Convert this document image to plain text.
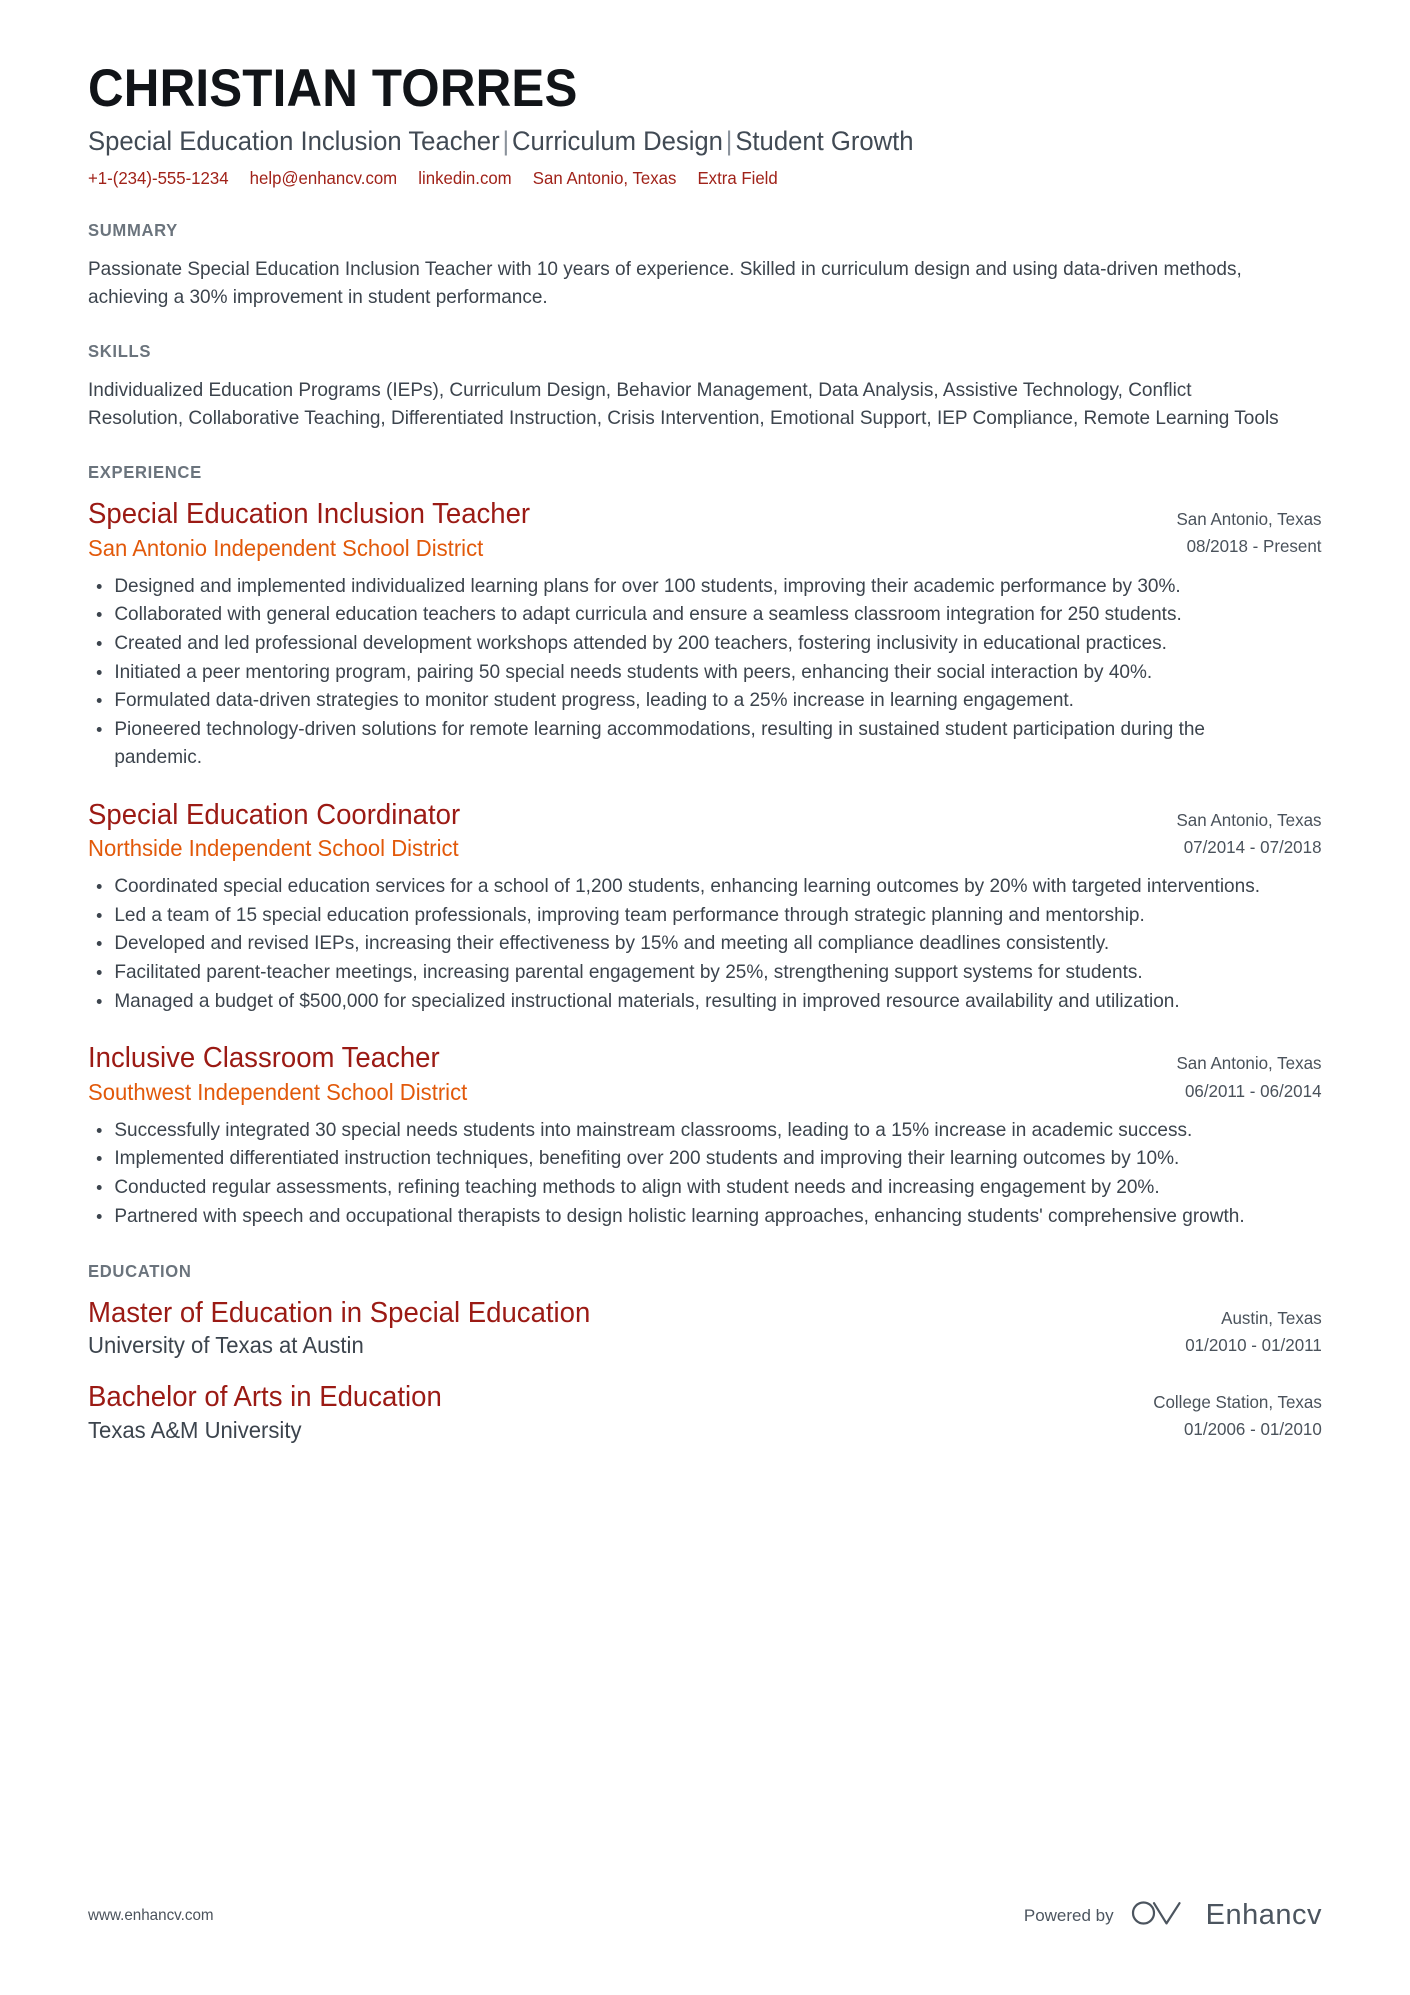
CHRISTIAN TORRES
Special Education Inclusion Teacher | Curriculum Design | Student Growth
+1-(234)-555-1234 help@enhancv.com linkedin.com San Antonio, Texas Extra Field
SUMMARY
Passionate Special Education Inclusion Teacher with 10 years of experience. Skilled in curriculum design and using data-driven methods, achieving a 30% improvement in student performance.
SKILLS
Individualized Education Programs (IEPs), Curriculum Design, Behavior Management, Data Analysis, Assistive Technology, Conflict Resolution, Collaborative Teaching, Differentiated Instruction, Crisis Intervention, Emotional Support, IEP Compliance, Remote Learning Tools
EXPERIENCE
Special Education Inclusion Teacher
San Antonio Independent School District
San Antonio, Texas
08/2018 - Present
Designed and implemented individualized learning plans for over 100 students, improving their academic performance by 30%.
Collaborated with general education teachers to adapt curricula and ensure a seamless classroom integration for 250 students.
Created and led professional development workshops attended by 200 teachers, fostering inclusivity in educational practices.
Initiated a peer mentoring program, pairing 50 special needs students with peers, enhancing their social interaction by 40%.
Formulated data-driven strategies to monitor student progress, leading to a 25% increase in learning engagement.
Pioneered technology-driven solutions for remote learning accommodations, resulting in sustained student participation during the pandemic.
Special Education Coordinator
Northside Independent School District
San Antonio, Texas
07/2014 - 07/2018
Coordinated special education services for a school of 1,200 students, enhancing learning outcomes by 20% with targeted interventions.
Led a team of 15 special education professionals, improving team performance through strategic planning and mentorship.
Developed and revised IEPs, increasing their effectiveness by 15% and meeting all compliance deadlines consistently.
Facilitated parent-teacher meetings, increasing parental engagement by 25%, strengthening support systems for students.
Managed a budget of $500,000 for specialized instructional materials, resulting in improved resource availability and utilization.
Inclusive Classroom Teacher
Southwest Independent School District
San Antonio, Texas
06/2011 - 06/2014
Successfully integrated 30 special needs students into mainstream classrooms, leading to a 15% increase in academic success.
Implemented differentiated instruction techniques, benefiting over 200 students and improving their learning outcomes by 10%.
Conducted regular assessments, refining teaching methods to align with student needs and increasing engagement by 20%.
Partnered with speech and occupational therapists to design holistic learning approaches, enhancing students' comprehensive growth.
EDUCATION
Master of Education in Special Education
University of Texas at Austin
Austin, Texas
01/2010 - 01/2011
Bachelor of Arts in Education
Texas A&M University
College Station, Texas
01/2006 - 01/2010
www.enhancv.com	Powered by	Enhancv
